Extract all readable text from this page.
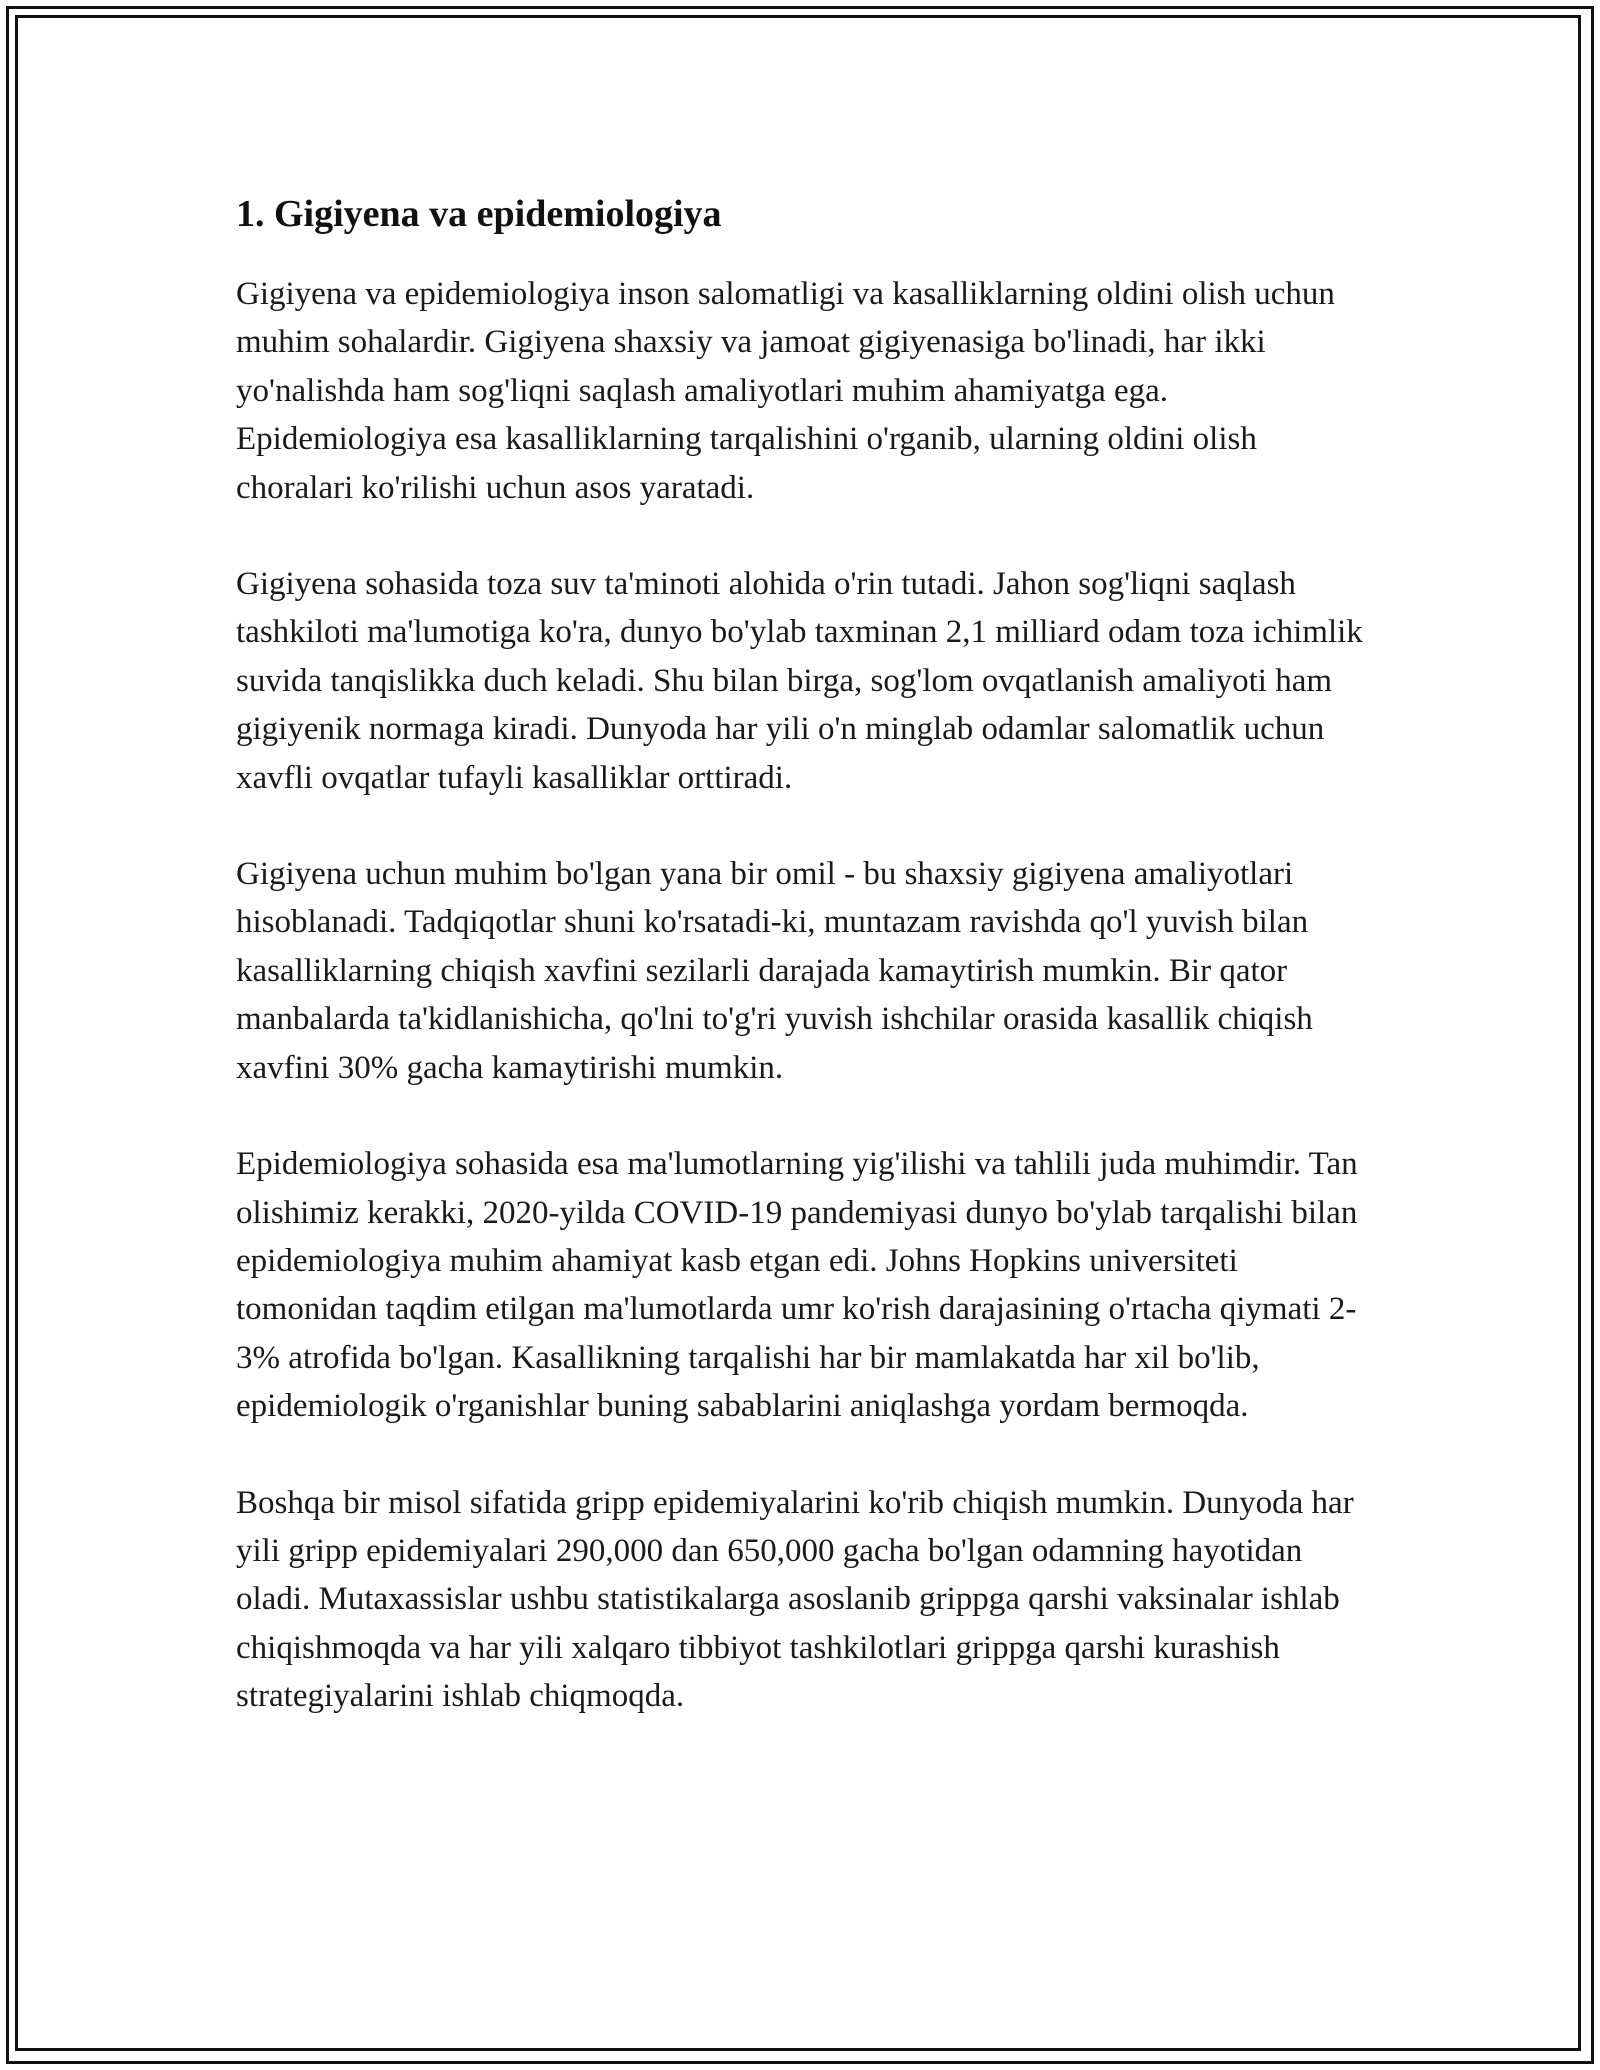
1. Gigiyena va epidemiologiya

Gigiyena va epidemiologiya inson salomatligi va kasalliklarning oldini olish uchun muhim sohalardir. Gigiyena shaxsiy va jamoat gigiyenasiga bo'linadi, har ikki yo'nalishda ham sog'liqni saqlash amaliyotlari muhim ahamiyatga ega. Epidemiologiya esa kasalliklarning tarqalishini o'rganib, ularning oldini olish choralari ko'rilishi uchun asos yaratadi.

Gigiyena sohasida toza suv ta'minoti alohida o'rin tutadi. Jahon sog'liqni saqlash tashkiloti ma'lumotiga ko'ra, dunyo bo'ylab taxminan 2,1 milliard odam toza ichimlik suvida tanqislikka duch keladi. Shu bilan birga, sog'lom ovqatlanish amaliyoti ham gigiyenik normaga kiradi. Dunyoda har yili o'n minglab odamlar salomatlik uchun xavfli ovqatlar tufayli kasalliklar orttiradi.

Gigiyena uchun muhim bo'lgan yana bir omil - bu shaxsiy gigiyena amaliyotlari hisoblanadi. Tadqiqotlar shuni ko'rsatadi-ki, muntazam ravishda qo'l yuvish bilan kasalliklarning chiqish xavfini sezilarli darajada kamaytirish mumkin. Bir qator manbalarda ta'kidlanishicha, qo'lni to'g'ri yuvish ishchilar orasida kasallik chiqish xavfini 30% gacha kamaytirishi mumkin.

Epidemiologiya sohasida esa ma'lumotlarning yig'ilishi va tahlili juda muhimdir. Tan olishimiz kerakki, 2020-yilda COVID-19 pandemiyasi dunyo bo'ylab tarqalishi bilan epidemiologiya muhim ahamiyat kasb etgan edi. Johns Hopkins universiteti tomonidan taqdim etilgan ma'lumotlarda umr ko'rish darajasining o'rtacha qiymati 2-3% atrofida bo'lgan. Kasallikning tarqalishi har bir mamlakatda har xil bo'lib, epidemiologik o'rganishlar buning sabablarini aniqlashga yordam bermoqda.

Boshqa bir misol sifatida gripp epidemiyalarini ko'rib chiqish mumkin. Dunyoda har yili gripp epidemiyalari 290,000 dan 650,000 gacha bo'lgan odamning hayotidan oladi. Mutaxassislar ushbu statistikalarga asoslanib grippga qarshi vaksinalar ishlab chiqishmoqda va har yili xalqaro tibbiyot tashkilotlari grippga qarshi kurashish strategiyalarini ishlab chiqmoqda.
